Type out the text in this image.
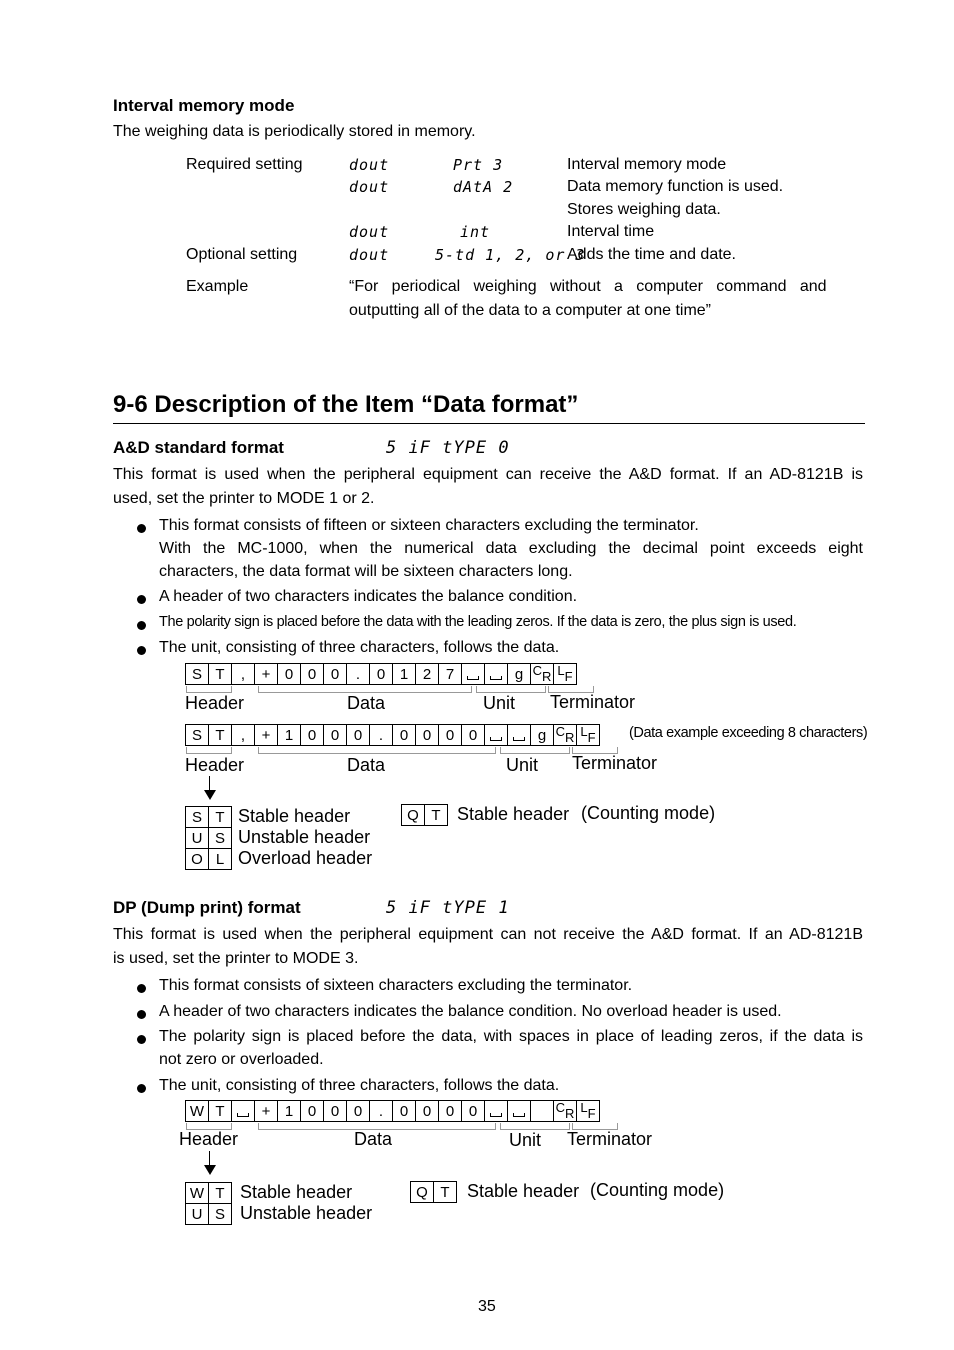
Interval memory mode
The weighing data is periodically stored in memory.
Required setting	dout	Prt 3	Interval memory mode
dout	dAtA 2	Data memory function is used.
Stores weighing data.
dout	int	Interval time
Optional setting	dout	5-td 1, 2, or 3
Adds the time and date.
Example	“For   periodical   weighing   without   a   computer   command   and
outputting all of the data to a computer at one time”
9-6 Description of the Item “Data format”
A&D standard format	5 iF tYPE 0
This format is used when the peripheral equipment can receive the A&D format. If an AD-8121B is
used, set the printer to MODE 1 or 2.
This format consists of fifteen or sixteen characters excluding the terminator.
With the MC-1000, when the numerical data excluding the decimal point exceeds eight
characters, the data format will be sixteen characters long.
A header of two characters indicates the balance condition.
The polarity sign is placed before the data with the leading zeros. If the data is zero, the plus sign is used.
The unit, consisting of three characters, follows the data.
S T	,	+ 0 0 0	.	0 1 2 7	g CR LF
Header	Data	Unit Terminator
S T	,	+ 1 0 0 0	.	0 0 0 0	g CR LF	(Data example exceeding 8 characters)
Header	Data	Unit Terminator
S T Stable header
U S Unstable header
O L Overload header
Q T Stable header (Counting mode)
DP (Dump print) format	5 iF tYPE 1
This format is used when the peripheral equipment can not receive the A&D format. If an AD-8121B
is used, set the printer to MODE 3.
This format consists of sixteen characters excluding the terminator.
A header of two characters indicates the balance condition. No overload header is used.
The polarity sign is placed before the data, with spaces in place of leading zeros, if the data is
not zero or overloaded.
The unit, consisting of three characters, follows the data.
W T	+ 1 0 0 0	.	0 0 0 0	CR LF
Header	Data	Unit Terminator
W T Stable header
U S Unstable header
Q T Stable header (Counting mode)
35
